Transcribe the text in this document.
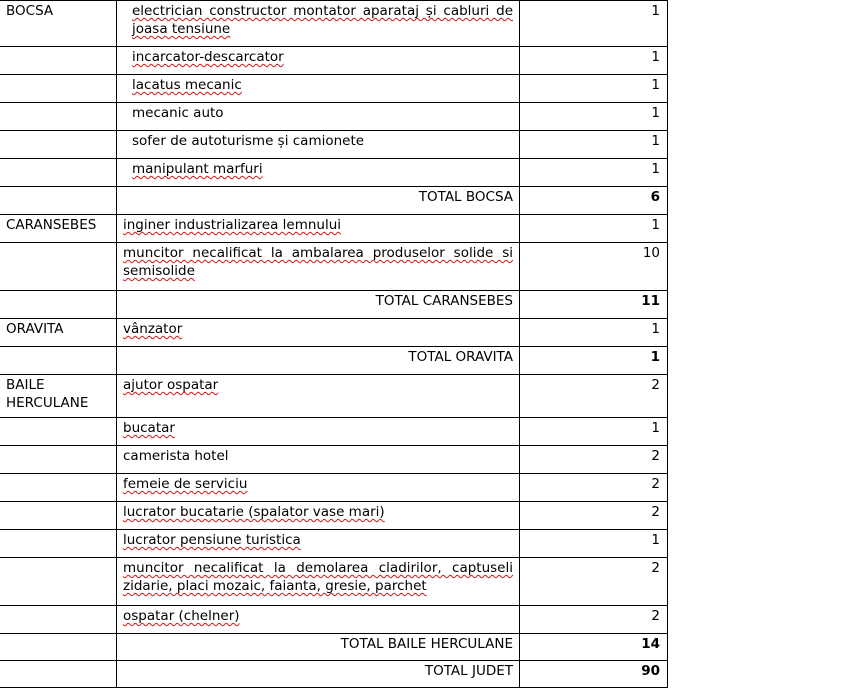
BOCSA	electrician constructor montator aparataj și cabluri de joasa tensiune	1
	incarcator-descarcator	1
	lacatus mecanic	1
	mecanic auto	1
	sofer de autoturisme și camionete	1
	manipulant marfuri	1
	TOTAL BOCSA	6
CARANSEBES	inginer industrializarea lemnului	1
	muncitor necalificat la ambalarea produselor solide si semisolide	10
	TOTAL CARANSEBES	11
ORAVITA	vânzator	1
	TOTAL ORAVITA	1
BAILE HERCULANE	ajutor ospatar	2
	bucatar	1
	camerista hotel	2
	femeie de serviciu	2
	lucrator bucatarie (spalator vase mari)	2
	lucrator pensiune turistica	1
	muncitor necalificat la demolarea cladirilor, captuseli zidarie, placi mozaic, faianta, gresie, parchet	2
	ospatar (chelner)	2
	TOTAL BAILE HERCULANE	14
	TOTAL JUDET	90
